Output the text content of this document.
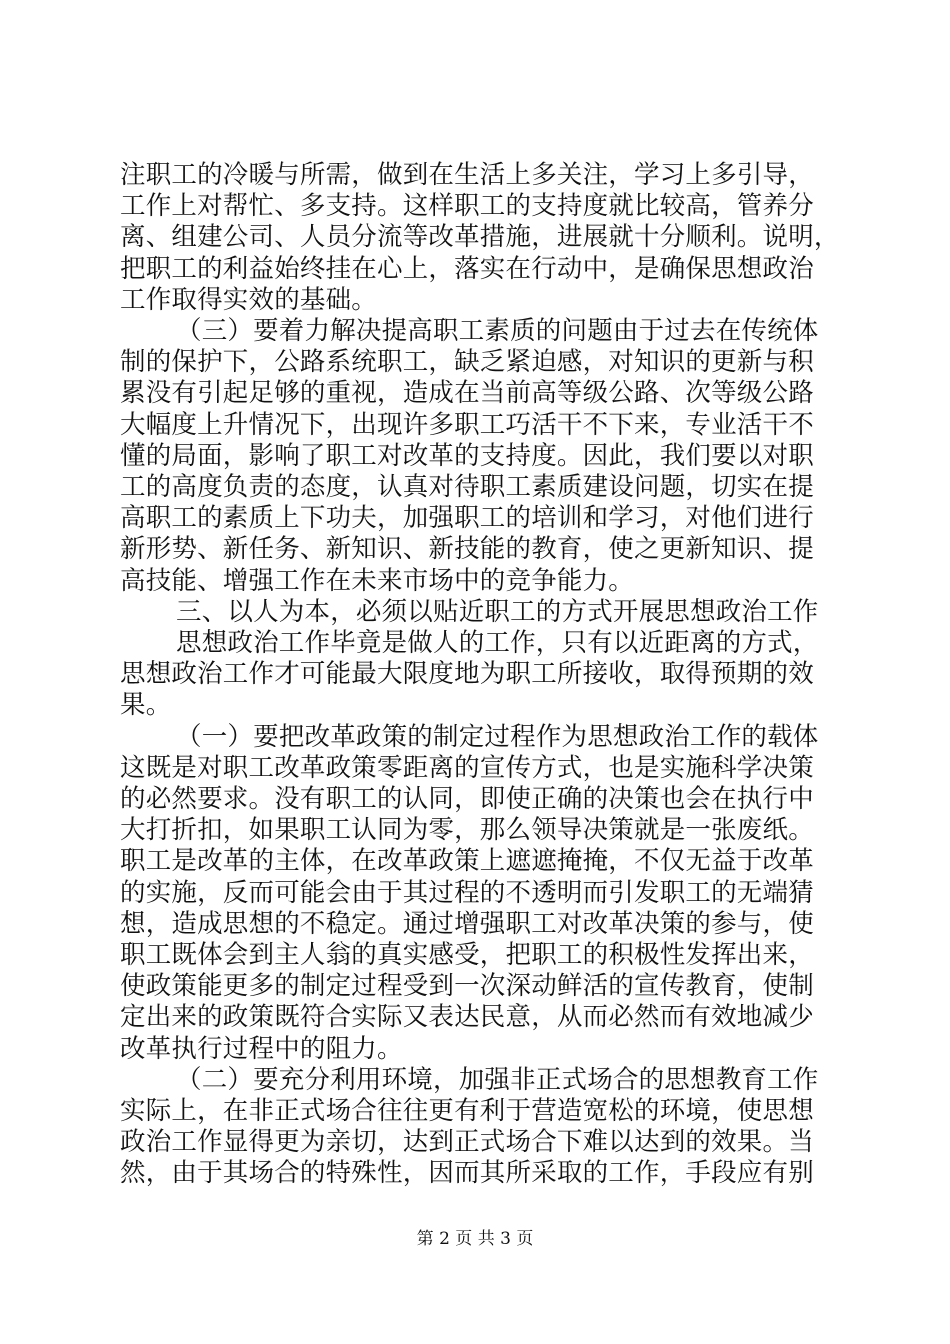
注职工的冷暖与所需，做到在生活上多关注，学习上多引导，

工作上对帮忙、多支持。这样职工的支持度就比较高，管养分

离、组建公司、人员分流等改革措施，进展就十分顺利。说明，

把职工的利益始终挂在心上，落实在行动中，是确保思想政治

工作取得实效的基础。

（三）要着力解决提高职工素质的问题由于过去在传统体

制的保护下，公路系统职工，缺乏紧迫感，对知识的更新与积

累没有引起足够的重视，造成在当前高等级公路、次等级公路

大幅度上升情况下，出现许多职工巧活干不下来，专业活干不

懂的局面，影响了职工对改革的支持度。因此，我们要以对职

工的高度负责的态度，认真对待职工素质建设问题，切实在提

高职工的素质上下功夫，加强职工的培训和学习，对他们进行

新形势、新任务、新知识、新技能的教育，使之更新知识、提

高技能、增强工作在未来市场中的竞争能力。

三、以人为本，必须以贴近职工的方式开展思想政治工作

思想政治工作毕竟是做人的工作，只有以近距离的方式，

思想政治工作才可能最大限度地为职工所接收，取得预期的效

果。

（一）要把改革政策的制定过程作为思想政治工作的载体

这既是对职工改革政策零距离的宣传方式，也是实施科学决策

的必然要求。没有职工的认同，即使正确的决策也会在执行中

大打折扣，如果职工认同为零，那么领导决策就是一张废纸。

职工是改革的主体，在改革政策上遮遮掩掩，不仅无益于改革

的实施，反而可能会由于其过程的不透明而引发职工的无端猜

想，造成思想的不稳定。通过增强职工对改革决策的参与，使

职工既体会到主人翁的真实感受，把职工的积极性发挥出来，

使政策能更多的制定过程受到一次深动鲜活的宣传教育，使制

定出来的政策既符合实际又表达民意，从而必然而有效地减少

改革执行过程中的阻力。

（二）要充分利用环境，加强非正式场合的思想教育工作

实际上，在非正式场合往往更有利于营造宽松的环境，使思想

政治工作显得更为亲切，达到正式场合下难以达到的效果。当

然，由于其场合的特殊性，因而其所采取的工作，手段应有别

第 2 页 共 3 页
